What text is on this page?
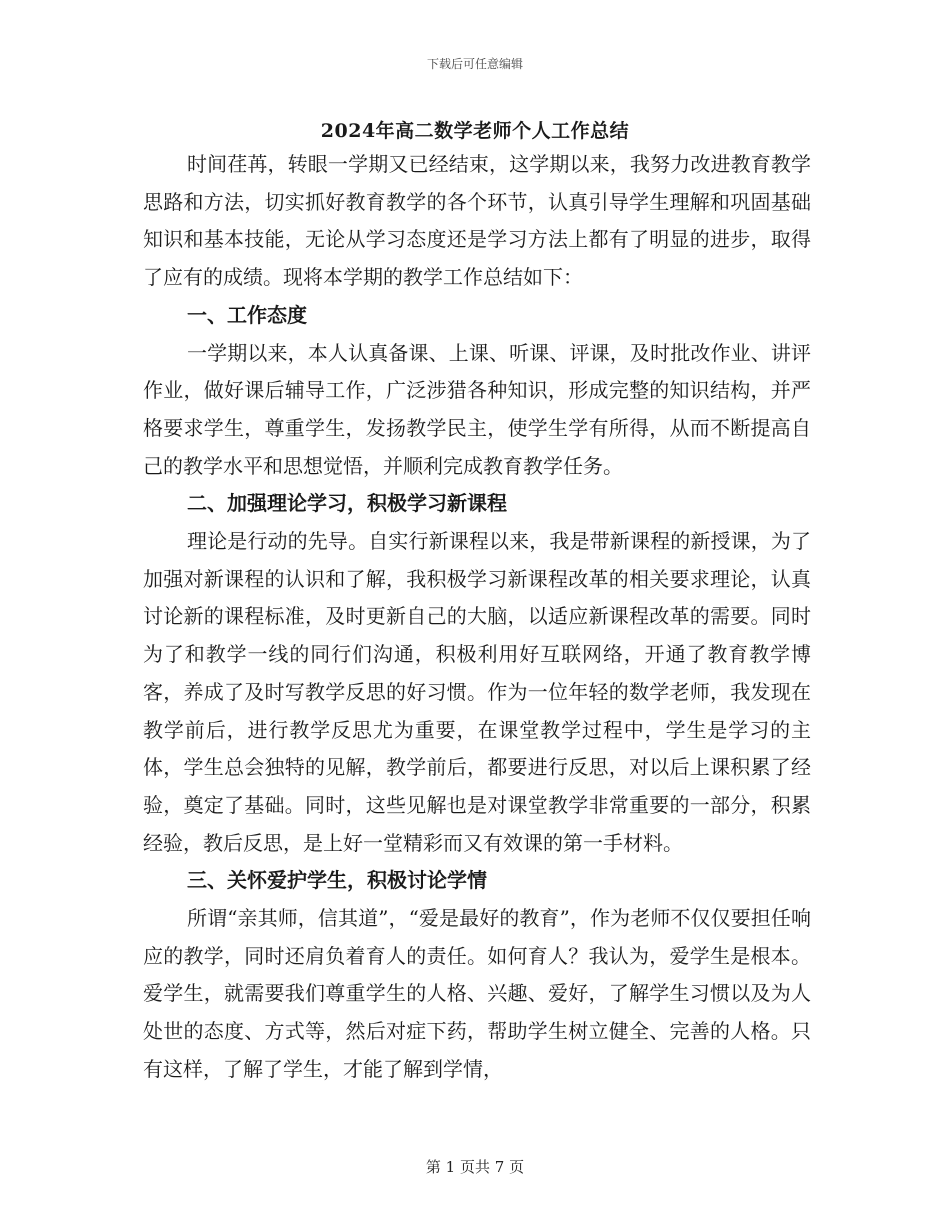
下载后可任意编辑
2024年高二数学老师个人工作总结

时间荏苒，转眼一学期又已经结束，这学期以来，我努力改进教育教学思路和方法，切实抓好教育教学的各个环节，认真引导学生理解和巩固基础知识和基本技能，无论从学习态度还是学习方法上都有了明显的进步，取得了应有的成绩。现将本学期的教学工作总结如下：

一、工作态度

一学期以来，本人认真备课、上课、听课、评课，及时批改作业、讲评作业，做好课后辅导工作，广泛涉猎各种知识，形成完整的知识结构，并严格要求学生，尊重学生，发扬教学民主，使学生学有所得，从而不断提高自己的教学水平和思想觉悟，并顺利完成教育教学任务。

二、加强理论学习，积极学习新课程

理论是行动的先导。自实行新课程以来，我是带新课程的新授课，为了加强对新课程的认识和了解，我积极学习新课程改革的相关要求理论，认真讨论新的课程标准，及时更新自己的大脑，以适应新课程改革的需要。同时为了和教学一线的同行们沟通，积极利用好互联网络，开通了教育教学博客，养成了及时写教学反思的好习惯。作为一位年轻的数学老师，我发现在教学前后，进行教学反思尤为重要，在课堂教学过程中，学生是学习的主体，学生总会独特的见解，教学前后，都要进行反思，对以后上课积累了经验，奠定了基础。同时，这些见解也是对课堂教学非常重要的一部分，积累经验，教后反思，是上好一堂精彩而又有效课的第一手材料。

三、关怀爱护学生，积极讨论学情

所谓“亲其师，信其道”，“爱是最好的教育”，作为老师不仅仅要担任响应的教学，同时还肩负着育人的责任。如何育人？我认为，爱学生是根本。爱学生，就需要我们尊重学生的人格、兴趣、爱好，了解学生习惯以及为人处世的态度、方式等，然后对症下药，帮助学生树立健全、完善的人格。只有这样，了解了学生，才能了解到学情，

第 1 页共 7 页
